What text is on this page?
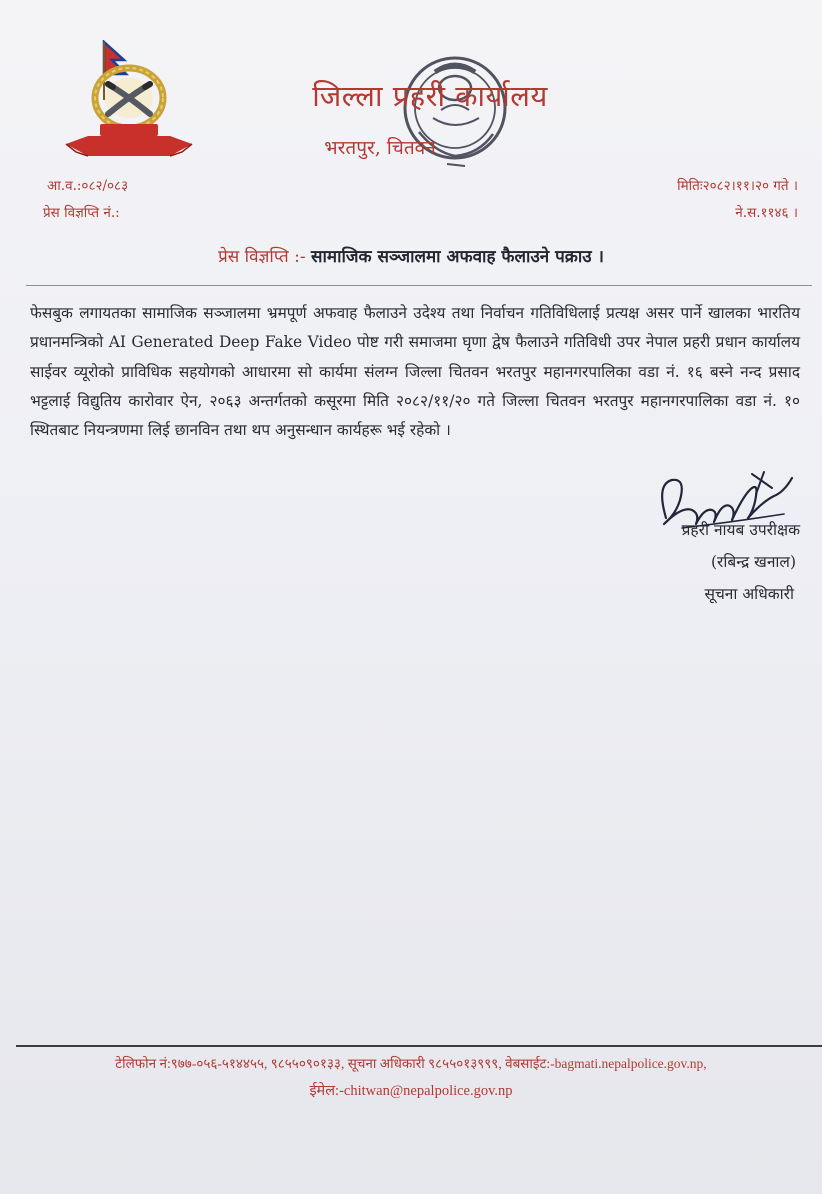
जिल्ला प्रहरी कार्यालय
भरतपुर, चितवन
आ.व.:०८२/०८३
प्रेस विज्ञप्ति नं.:
मितिः२०८२।११।२० गते ।
ने.स.११४६ ।
प्रेस विज्ञप्ति :- सामाजिक सञ्जालमा अफवाह फैलाउने पक्राउ ।
फेसबुक लगायतका सामाजिक सञ्जालमा भ्रमपूर्ण अफवाह फैलाउने उदेश्य तथा निर्वाचन गतिविधिलाई प्रत्यक्ष असर पार्ने खालका भारतिय प्रधानमन्त्रिको AI Generated Deep Fake Video पोष्ट गरी समाजमा घृणा द्वेष फैलाउने गतिविधी उपर नेपाल प्रहरी प्रधान कार्यालय साईवर व्यूरोको प्राविधिक सहयोगको आधारमा सो कार्यमा संलग्न जिल्ला चितवन भरतपुर महानगरपालिका वडा नं. १६ बस्ने नन्द प्रसाद भट्टलाई विद्युतिय कारोवार ऐन, २०६३ अन्तर्गतको कसूरमा मिति २०८२/११/२० गते जिल्ला चितवन भरतपुर महानगरपालिका वडा नं. १० स्थितबाट नियन्त्रणमा लिई छानविन तथा थप अनुसन्धान कार्यहरू भई रहेको ।
प्रहरी नायब उपरीक्षक
(रबिन्द्र खनाल)
सूचना अधिकारी
टेलिफोन नं:९७७-०५६-५१४४५५, ९८५५०९०१३३, सूचना अधिकारी ९८५५०१३९९९, वेबसाईट:-bagmati.nepalpolice.gov.np,
ईमेल:-chitwan@nepalpolice.gov.np
